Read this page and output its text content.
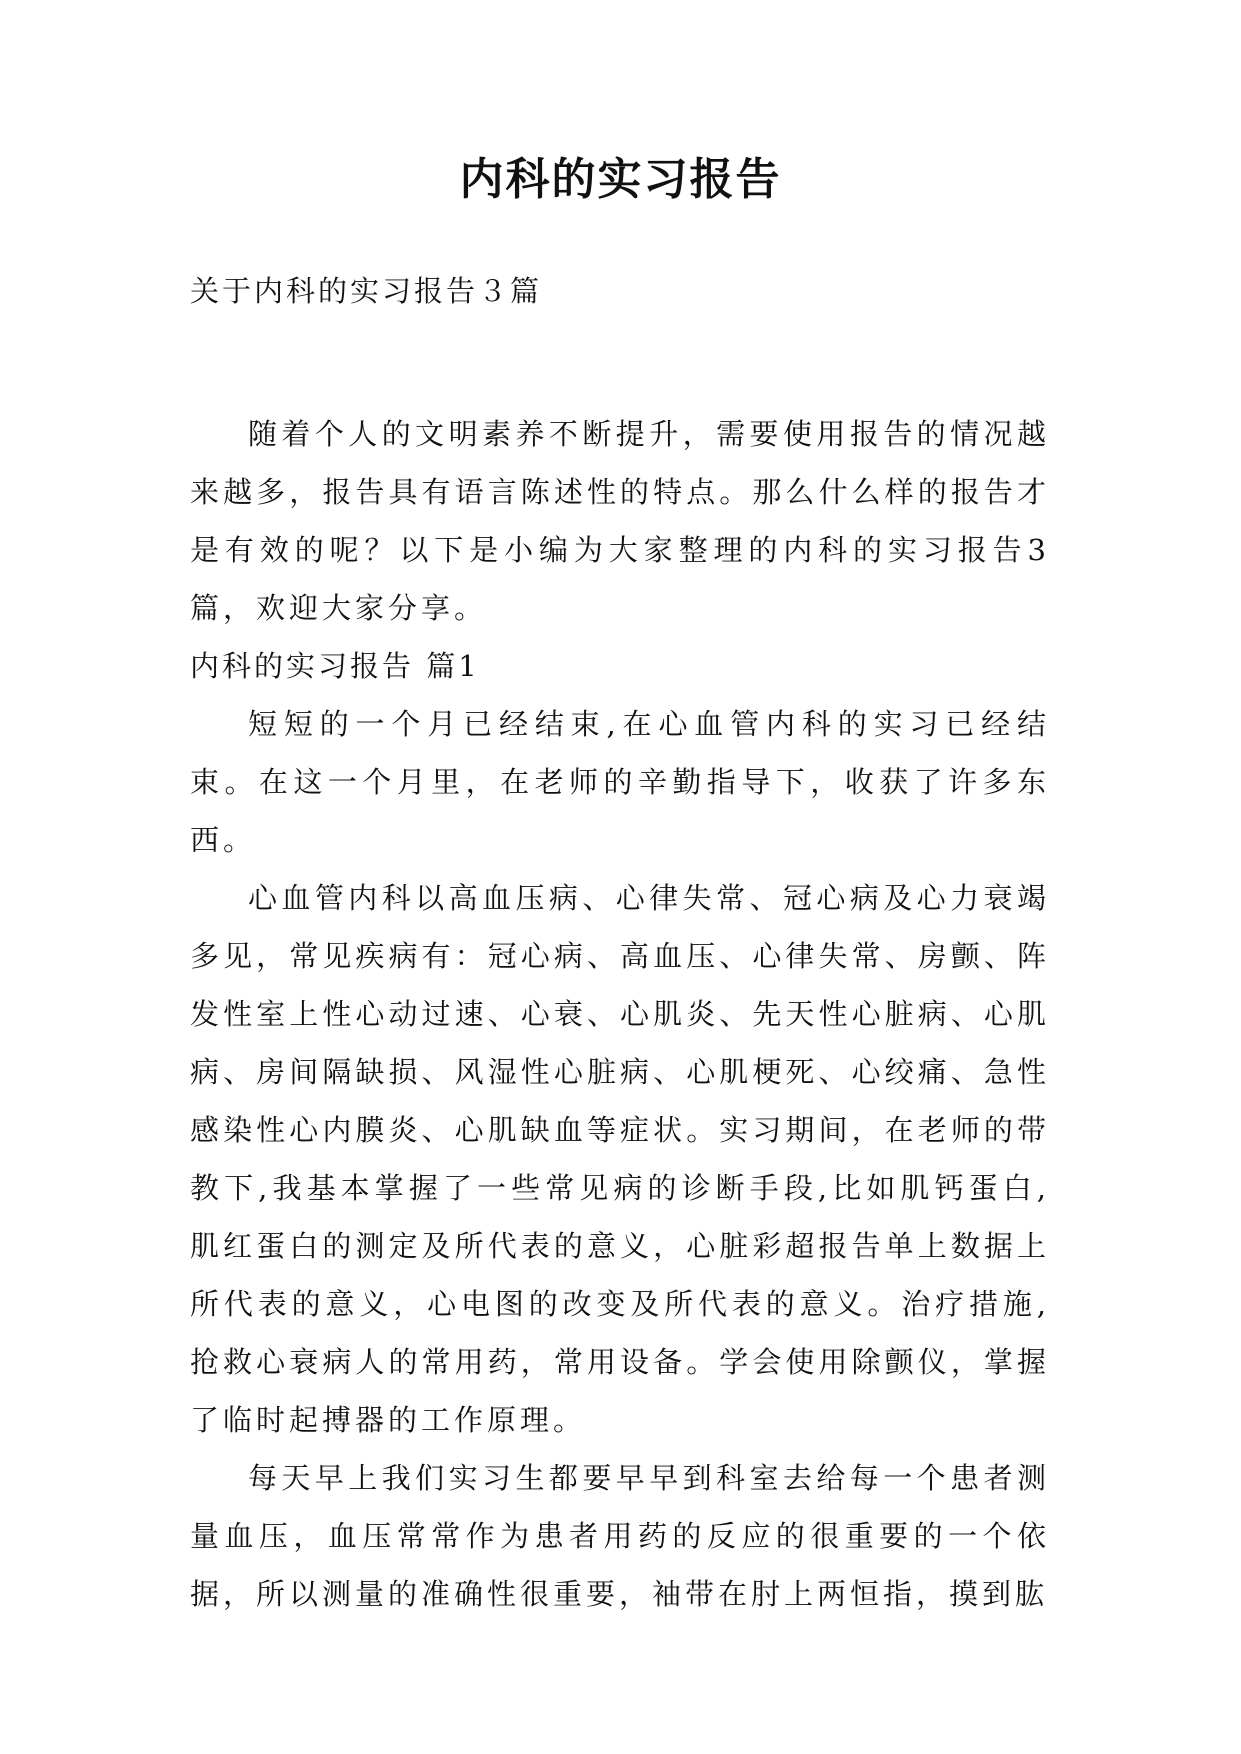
内科的实习报告

关于内科的实习报告３篇

随着个人的文明素养不断提升，需要使用报告的情况越来越多，报告具有语言陈述性的特点。那么什么样的报告才是有效的呢？以下是小编为大家整理的内科的实习报告3篇，欢迎大家分享。

内科的实习报告 篇1

短短的一个月已经结束,在心血管内科的实习已经结束。在这一个月里，在老师的辛勤指导下，收获了许多东西。

心血管内科以高血压病、心律失常、冠心病及心力衰竭多见，常见疾病有：冠心病、高血压、心律失常、房颤、阵发性室上性心动过速、心衰、心肌炎、先天性心脏病、心肌病、房间隔缺损、风湿性心脏病、心肌梗死、心绞痛、急性感染性心内膜炎、心肌缺血等症状。实习期间，在老师的带教下,我基本掌握了一些常见病的诊断手段,比如肌钙蛋白,肌红蛋白的测定及所代表的意义，心脏彩超报告单上数据上所代表的意义，心电图的改变及所代表的意义。治疗措施,抢救心衰病人的常用药，常用设备。学会使用除颤仪，掌握了临时起搏器的工作原理。

每天早上我们实习生都要早早到科室去给每一个患者测量血压，血压常常作为患者用药的反应的很重要的一个依据，所以测量的准确性很重要，袖带在肘上两恒指，摸到肱
